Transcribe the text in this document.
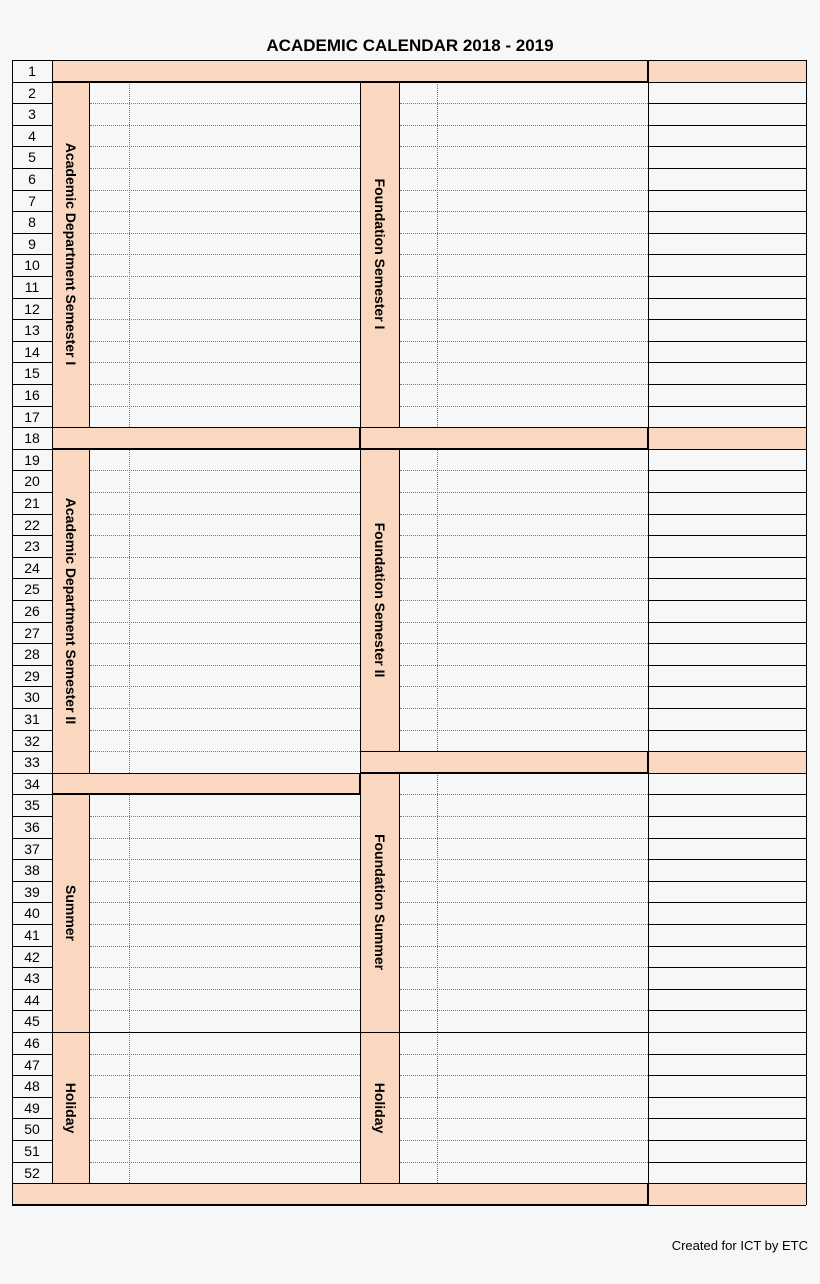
ACADEMIC CALENDAR 2018 - 2019
1
2
3
4
5
6
7
8
9
10
11
12
13
14
15
16
17
18
19
20
21
22
23
24
25
26
27
28
29
30
31
32
33
34
35
36
37
38
39
40
41
42
43
44
45
46
47
48
49
50
51
52
Academic Department Semester I
Academic Department Semester II
Summer
Holiday
Foundation Semester I
Foundation Semester II
Foundation Summer
Holiday
Created for ICT by ETC
